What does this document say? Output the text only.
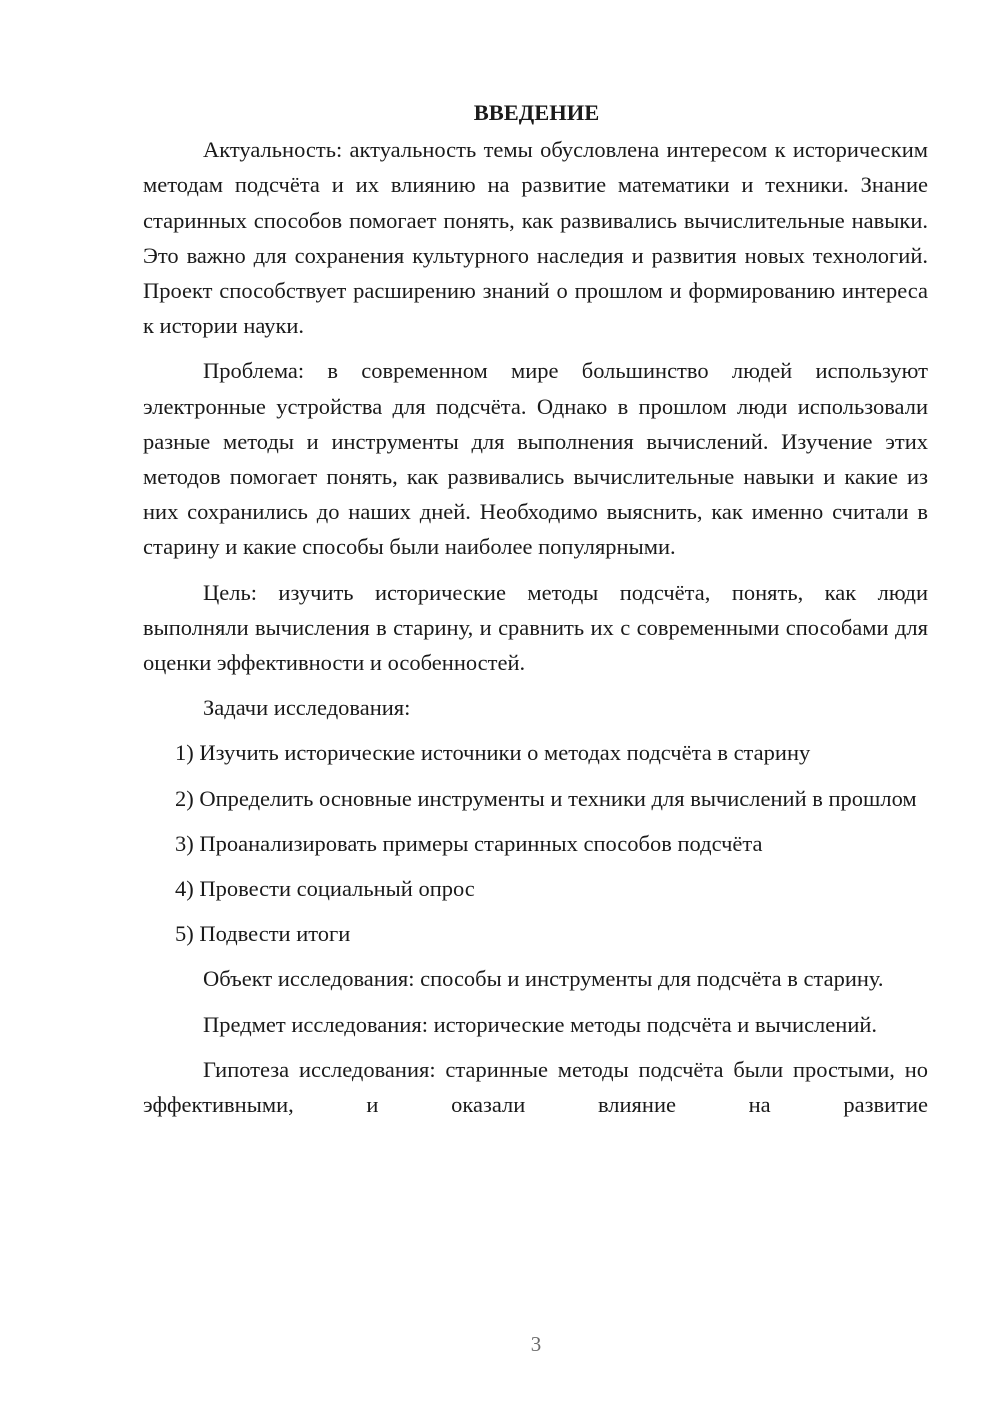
ВВЕДЕНИЕ

Актуальность: актуальность темы обусловлена интересом к историческим методам подсчёта и их влиянию на развитие математики и техники. Знание старинных способов помогает понять, как развивались вычислительные навыки. Это важно для сохранения культурного наследия и развития новых технологий. Проект способствует расширению знаний о прошлом и формированию интереса к истории науки.

Проблема: в современном мире большинство людей используют электронные устройства для подсчёта. Однако в прошлом люди использовали разные методы и инструменты для выполнения вычислений. Изучение этих методов помогает понять, как развивались вычислительные навыки и какие из них сохранились до наших дней. Необходимо выяснить, как именно считали в старину и какие способы были наиболее популярными.

Цель: изучить исторические методы подсчёта, понять, как люди выполняли вычисления в старину, и сравнить их с современными способами для оценки эффективности и особенностей.

Задачи исследования:

1) Изучить исторические источники о методах подсчёта в старину

2) Определить основные инструменты и техники для вычислений в прошлом

3) Проанализировать примеры старинных способов подсчёта

4) Провести социальный опрос

5) Подвести итоги

Объект исследования: способы и инструменты для подсчёта в старину.

Предмет исследования: исторические методы подсчёта и вычислений.

Гипотеза исследования: старинные методы подсчёта были простыми, но эффективными, и оказали влияние на развитие

3
